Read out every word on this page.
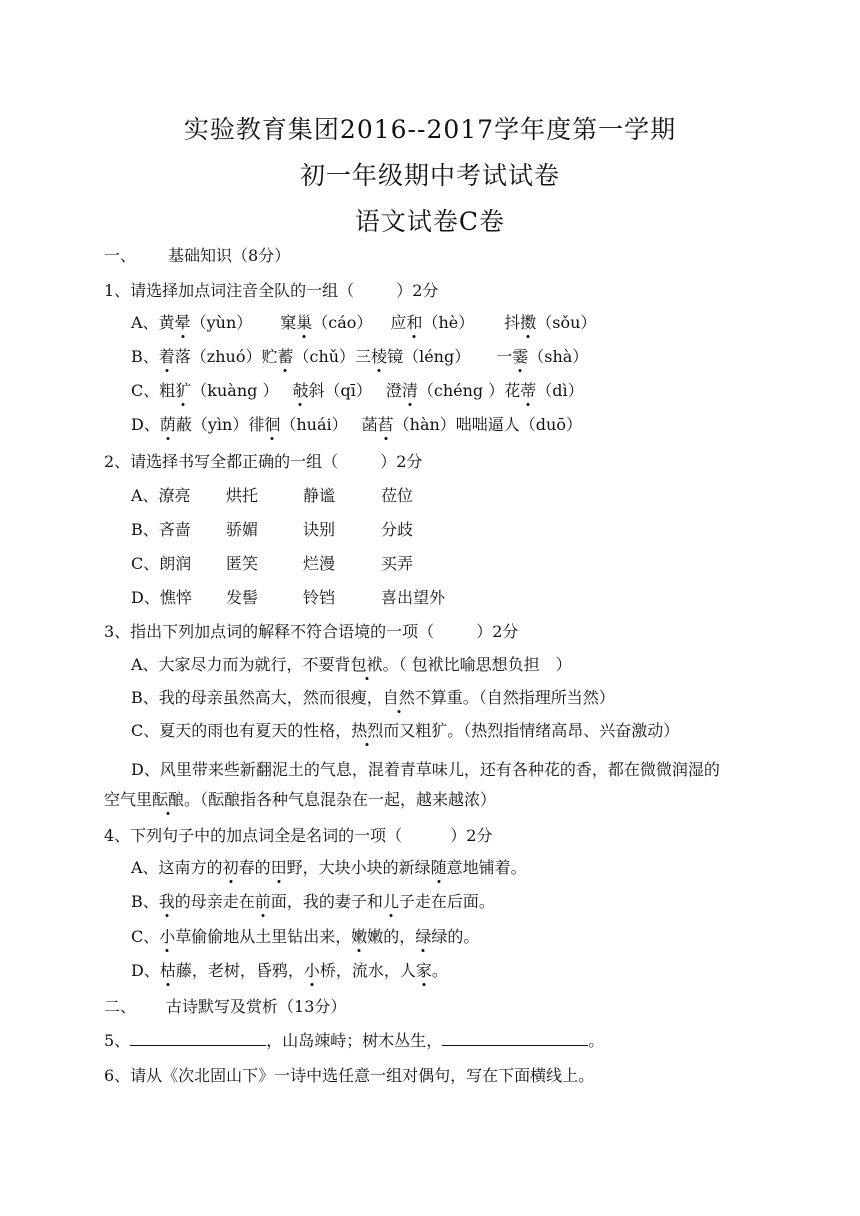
实验教育集团2016--2017学年度第一学期
初一年级期中考试试卷
语文试卷C卷
一、 基础知识（8分）
1、请选择加点词注音全队的一组（	）2分
A、黄晕（yùn） 窠巢（cáo） 应和（hè） 抖擞（sǒu）
B、着落（zhuó）贮蓄（chǔ）三棱镜（léng） 一霎（shà）
C、粗犷（kuàng ） 攲斜（qī） 澄清（chéng ）花蒂（dì）
D、荫蔽（yìn）徘徊（huái） 菡萏（hàn）咄咄逼人（duō）
2、请选择书写全都正确的一组（	）2分
A、潦亮 烘托	静谧	莅位
B、吝啬 骄媚	诀别	分歧
C、朗润 匿笑	烂漫	买弄
D、憔悴 发髻	铃铛	喜出望外
3、指出下列加点词的解释不符合语境的一项（	）2分
A、大家尽力而为就行，不要背包袱。（ 包袱比喻思想负担　）
B、我的母亲虽然高大，然而很瘦，自然不算重。（自然指理所当然）
C、夏天的雨也有夏天的性格，热烈而又粗犷。（热烈指情绪高昂、兴奋激动）
D、风里带来些新翻泥土的气息，混着青草味儿，还有各种花的香，都在微微润湿的
空气里酝酿。（酝酿指各种气息混杂在一起，越来越浓）
4、下列句子中的加点词全是名词的一项（	）2分
A、这南方的初春的田野，大块小块的新绿随意地铺着。
B、我的母亲走在前面，我的妻子和儿子走在后面。
C、小草偷偷地从土里钻出来，嫩嫩的，绿绿的。
D、枯藤，老树，昏鸦，小桥，流水，人家。
二、 古诗默写及赏析（13分）
5、	，山岛竦峙；树木丛生，	。
6、请从《次北固山下》一诗中选任意一组对偶句，写在下面横线上。
